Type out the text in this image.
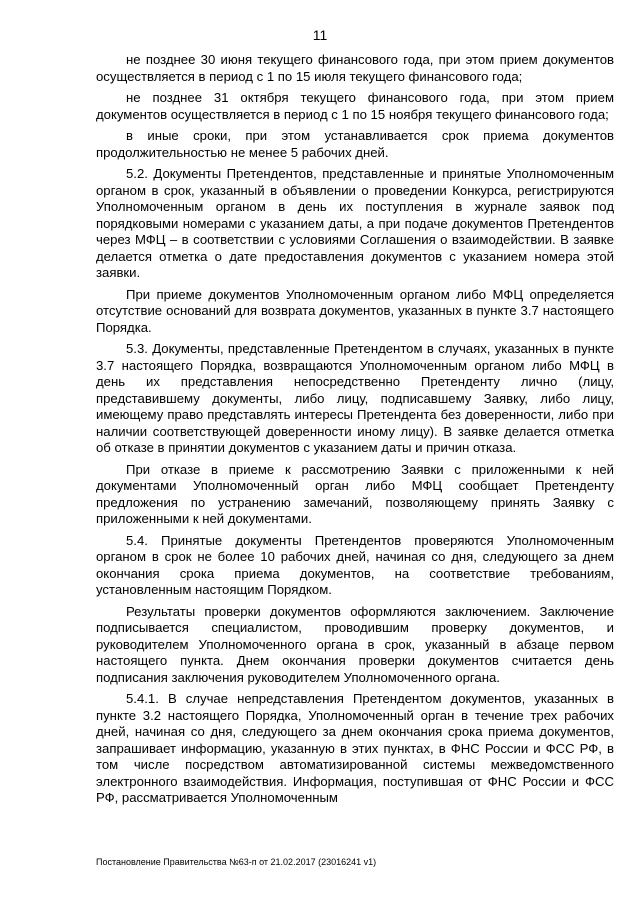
11

не позднее 30 июня текущего финансового года, при этом прием документов осуществляется в период с 1 по 15 июля текущего финансового года;

не позднее 31 октября текущего финансового года, при этом прием документов осуществляется в период с 1 по 15 ноября текущего финансового года;

в иные сроки, при этом устанавливается срок приема документов продолжительностью не менее 5 рабочих дней.

5.2. Документы Претендентов, представленные и принятые Уполномоченным органом в срок, указанный в объявлении о проведении Конкурса, регистрируются Уполномоченным органом в день их поступления в журнале заявок под порядковыми номерами с указанием даты, а при подаче документов Претендентов через МФЦ – в соответствии с условиями Соглашения о взаимодействии. В заявке делается отметка о дате предоставления документов с указанием номера этой заявки.

При приеме документов Уполномоченным органом либо МФЦ определяется отсутствие оснований для возврата документов, указанных в пункте 3.7 настоящего Порядка.

5.3. Документы, представленные Претендентом в случаях, указанных в пункте 3.7 настоящего Порядка, возвращаются Уполномоченным органом либо МФЦ в день их представления непосредственно Претенденту лично (лицу, представившему документы, либо лицу, подписавшему Заявку, либо лицу, имеющему право представлять интересы Претендента без доверенности, либо при наличии соответствующей доверенности иному лицу). В заявке делается отметка об отказе в принятии документов с указанием даты и причин отказа.

При отказе в приеме к рассмотрению Заявки с приложенными к ней документами Уполномоченный орган либо МФЦ сообщает Претенденту предложения по устранению замечаний, позволяющему принять Заявку с приложенными к ней документами.

5.4. Принятые документы Претендентов проверяются Уполномоченным органом в срок не более 10 рабочих дней, начиная со дня, следующего за днем окончания срока приема документов, на соответствие требованиям, установленным настоящим Порядком.

Результаты проверки документов оформляются заключением. Заключение подписывается специалистом, проводившим проверку документов, и руководителем Уполномоченного органа в срок, указанный в абзаце первом настоящего пункта. Днем окончания проверки документов считается день подписания заключения руководителем Уполномоченного органа.

5.4.1. В случае непредставления Претендентом документов, указанных в пункте 3.2 настоящего Порядка, Уполномоченный орган в течение трех рабочих дней, начиная со дня, следующего за днем окончания срока приема документов, запрашивает информацию, указанную в этих пунктах, в ФНС России и ФСС РФ, в том числе посредством автоматизированной системы межведомственного электронного взаимодействия. Информация, поступившая от ФНС России и ФСС РФ, рассматривается Уполномоченным

Постановление Правительства №63-п от 21.02.2017 (23016241 v1)
